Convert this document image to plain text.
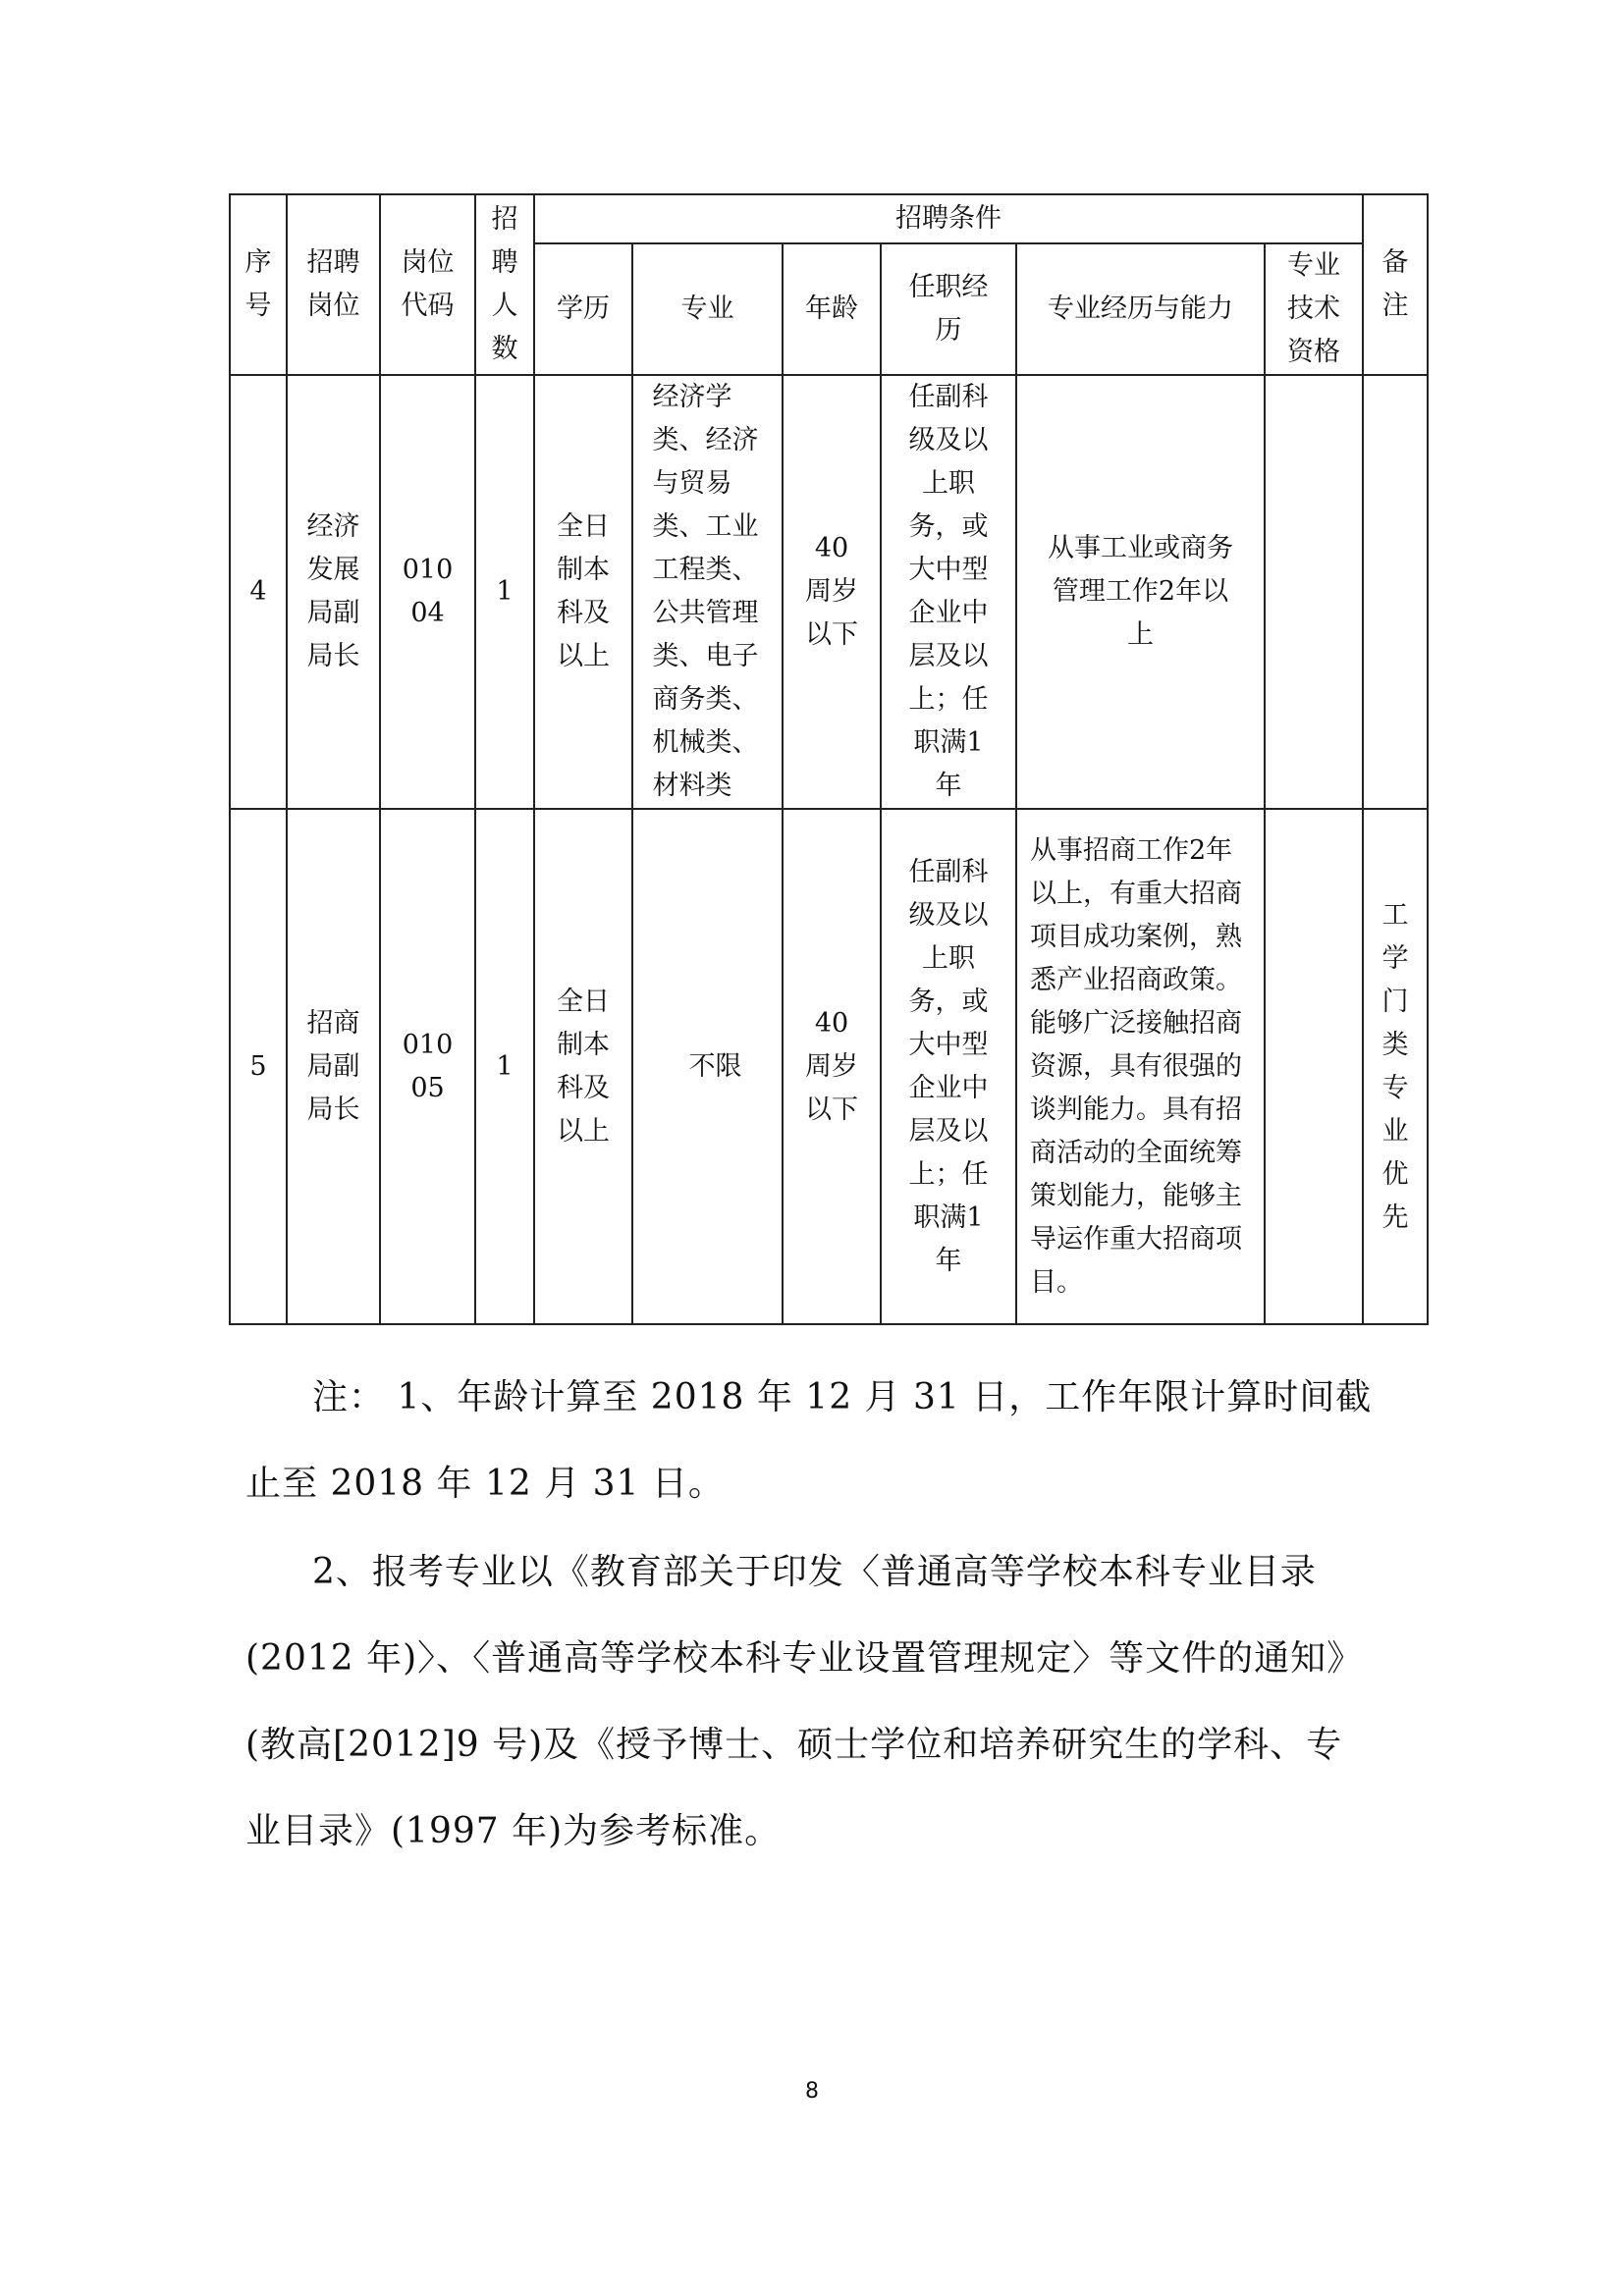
序号	招聘岗位	岗位代码	招聘人数	招聘条件						备注
				学历	专业	年龄	任职经历	专业经历与能力	专业技术资格	
4	经济发展局副局长	01004	1	全日制本科及以上	经济学类、经济与贸易类、工业工程类、公共管理类、电子商务类、机械类、材料类	40周岁以下	任副科级及以上职务，或大中型企业中层及以上；任职满1年	从事工业或商务管理工作2年以上		
5	招商局副局长	01005	1	全日制本科及以上	不限	40周岁以下	任副科级及以上职务，或大中型企业中层及以上；任职满1年	从事招商工作2年以上，有重大招商项目成功案例，熟悉产业招商政策。 能够广泛接触招商资源，具有很强的谈判能力。具有招商活动的全面统筹策划能力，能够主导运作重大招商项目。		工学门类专业优先
注： 1、年龄计算至 2018 年 12 月 31 日，工作年限计算时间截止至 2018 年 12 月 31 日。
2、报考专业以《教育部关于印发〈普通高等学校本科专业目录(2012 年)〉、〈普通高等学校本科专业设置管理规定〉等文件的通知》(教高[2012]9 号)及《授予博士、硕士学位和培养研究生的学科、专业目录》(1997 年)为参考标准。
8
